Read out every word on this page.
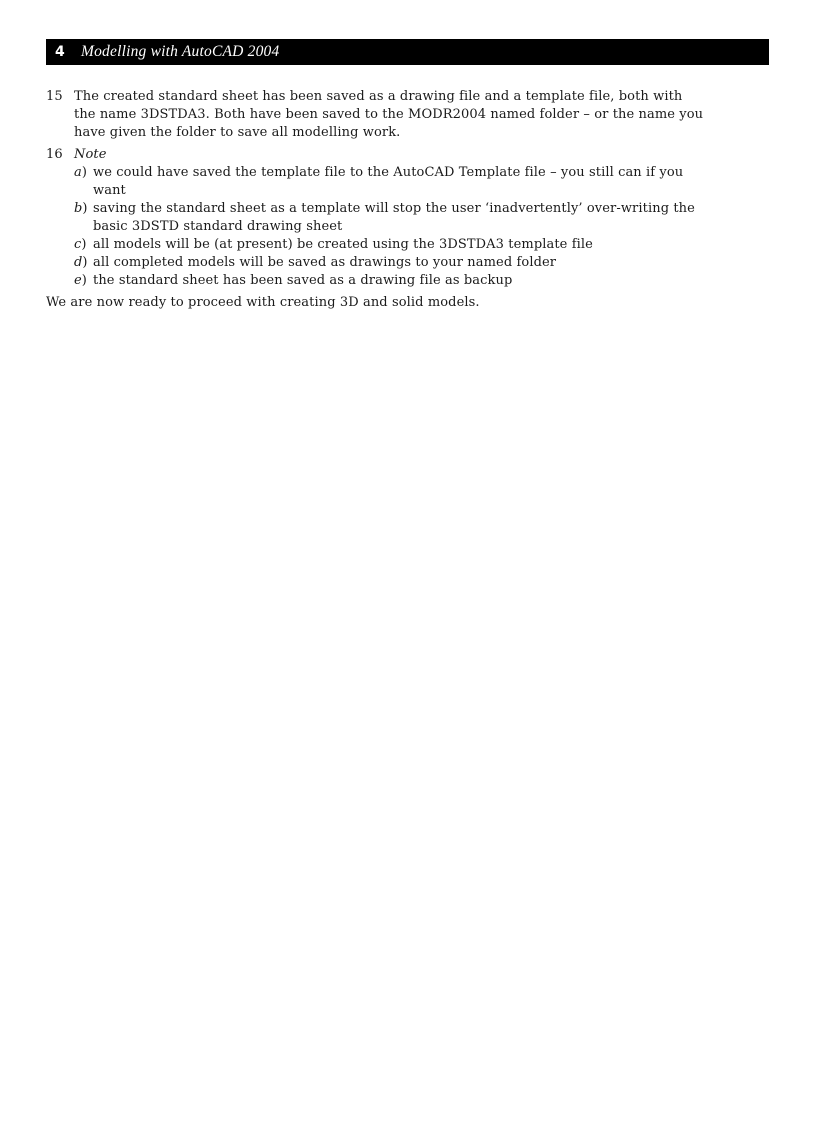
4	Modelling with AutoCAD 2004
15 The created standard sheet has been saved as a drawing file and a template file, both with the name 3DSTDA3. Both have been saved to the MODR2004 named folder – or the name you have given the folder to save all modelling work.
16 Note
a) we could have saved the template file to the AutoCAD Template file – you still can if you want
b) saving the standard sheet as a template will stop the user ‘inadvertently’ over-writing the basic 3DSTD standard drawing sheet
c) all models will be (at present) be created using the 3DSTDA3 template file
d) all completed models will be saved as drawings to your named folder
e) the standard sheet has been saved as a drawing file as backup
We are now ready to proceed with creating 3D and solid models.
